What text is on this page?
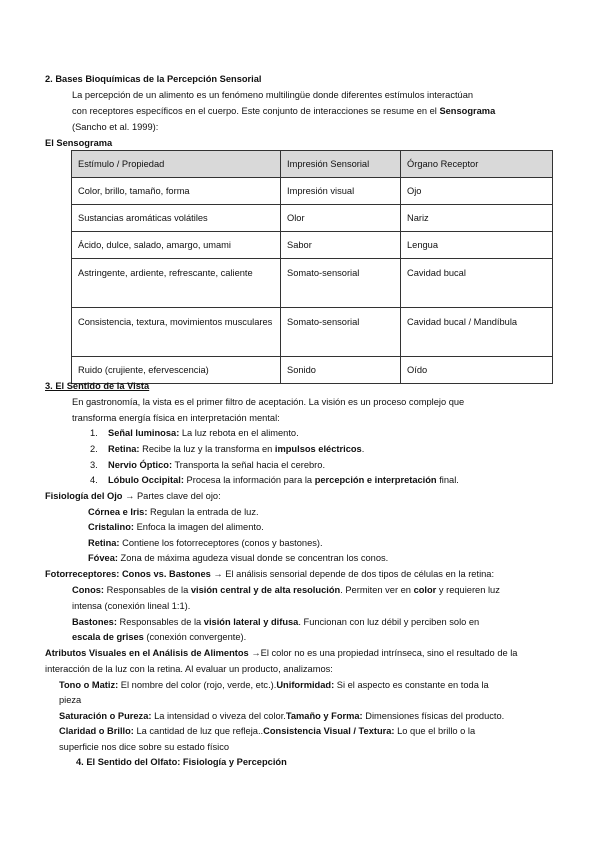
2. Bases Bioquímicas de la Percepción Sensorial
La percepción de un alimento es un fenómeno multilingüe donde diferentes estímulos interactúan
con receptores específicos en el cuerpo. Este conjunto de interacciones se resume en el Sensograma
(Sancho et al. 1999):
El Sensograma
Estímulo / Propiedad	Impresión Sensorial	Órgano Receptor
Color, brillo, tamaño, forma	Impresión visual	Ojo
Sustancias aromáticas volátiles	Olor	Nariz
Ácido, dulce, salado, amargo, umami	Sabor	Lengua
Astringente, ardiente, refrescante, caliente	Somato-sensorial	Cavidad bucal
Consistencia, textura, movimientos musculares	Somato-sensorial	Cavidad bucal / Mandíbula
Ruido (crujiente, efervescencia)	Sonido	Oído
3. El Sentido de la Vista
En gastronomía, la vista es el primer filtro de aceptación. La visión es un proceso complejo que
transforma energía física en interpretación mental:
1. Señal luminosa: La luz rebota en el alimento.
2. Retina: Recibe la luz y la transforma en impulsos eléctricos.
3. Nervio Óptico: Transporta la señal hacia el cerebro.
4. Lóbulo Occipital: Procesa la información para la percepción e interpretación final.
Fisiología del Ojo → Partes clave del ojo:
Córnea e Iris: Regulan la entrada de luz.
Cristalino: Enfoca la imagen del alimento.
Retina: Contiene los fotorreceptores (conos y bastones).
Fóvea: Zona de máxima agudeza visual donde se concentran los conos.
Fotorreceptores: Conos vs. Bastones → El análisis sensorial depende de dos tipos de células en la retina:
Conos: Responsables de la visión central y de alta resolución. Permiten ver en color y requieren luz
intensa (conexión lineal 1:1).
Bastones: Responsables de la visión lateral y difusa. Funcionan con luz débil y perciben solo en
escala de grises (conexión convergente).
Atributos Visuales en el Análisis de Alimentos →El color no es una propiedad intrínseca, sino el resultado de la
interacción de la luz con la retina. Al evaluar un producto, analizamos:
Tono o Matiz: El nombre del color (rojo, verde, etc.).Uniformidad: Si el aspecto es constante en toda la
pieza
Saturación o Pureza: La intensidad o viveza del color.Tamaño y Forma: Dimensiones físicas del producto.
Claridad o Brillo: La cantidad de luz que refleja..Consistencia Visual / Textura: Lo que el brillo o la
superficie nos dice sobre su estado físico
4. El Sentido del Olfato: Fisiología y Percepción
